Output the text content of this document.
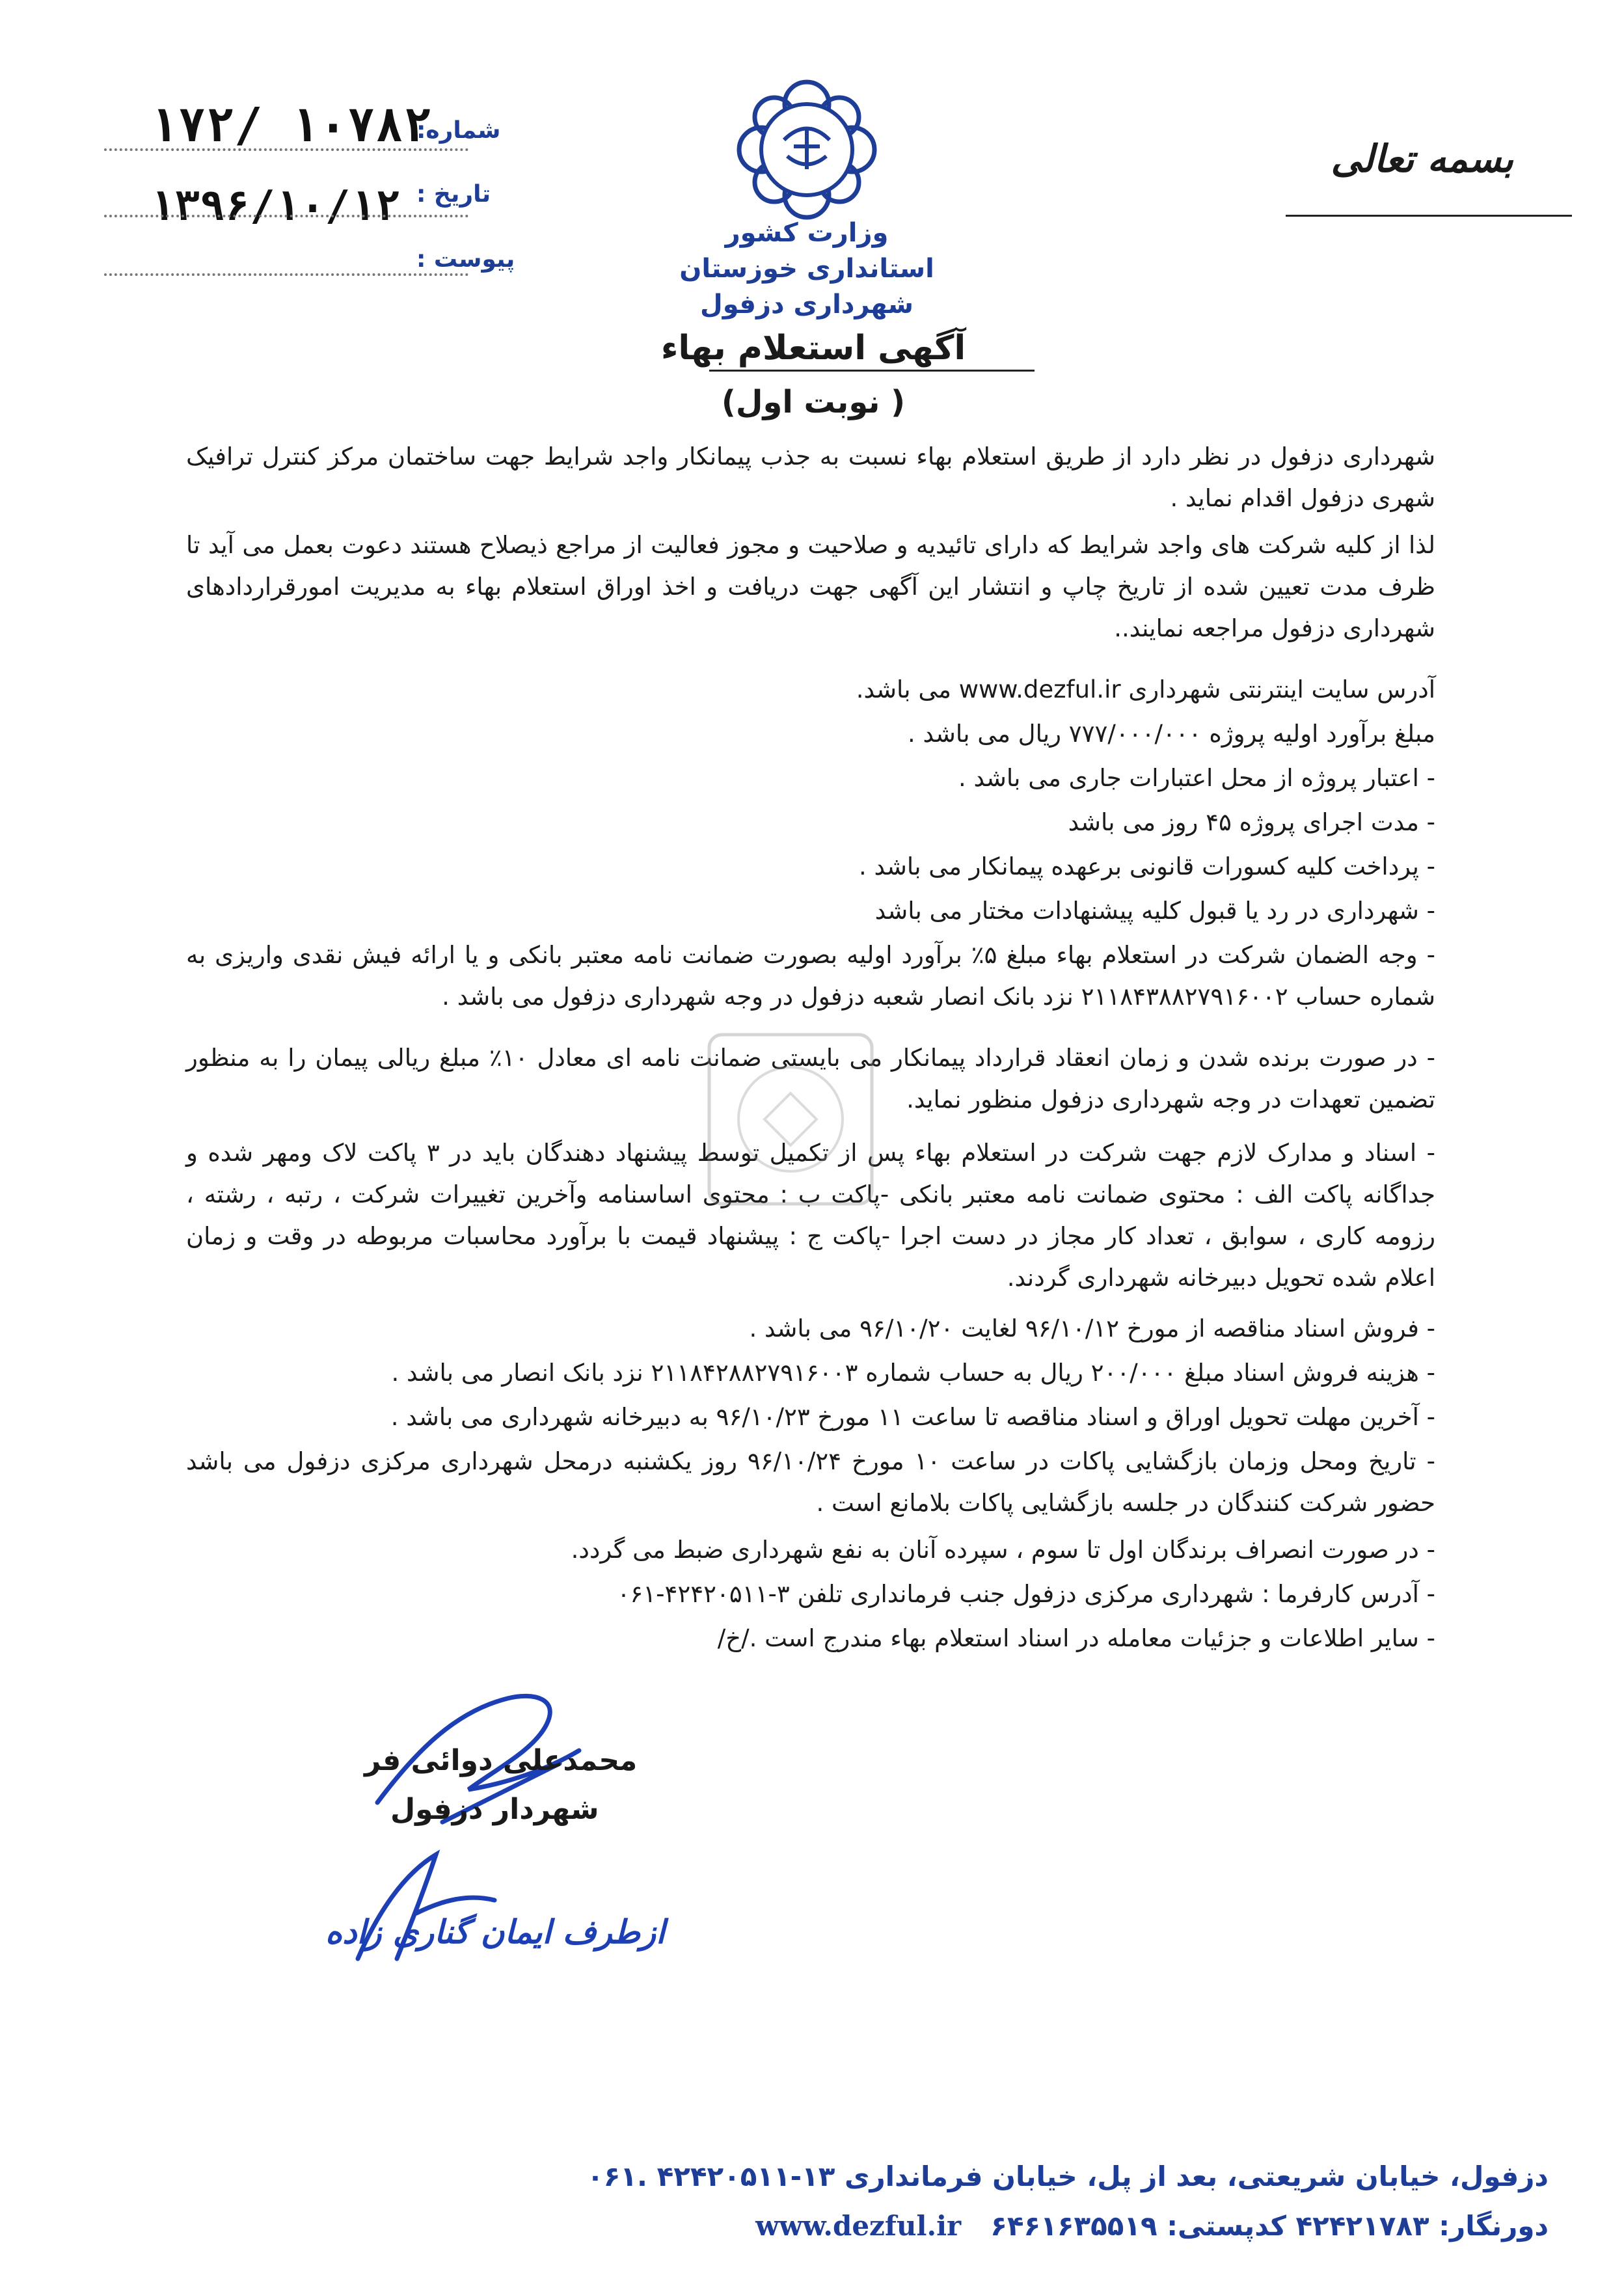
بسمه تعالی
شماره:
۱۰۷۸۲ /۱۷۲
تاریخ :
۱۳۹۶/۱۰/۱۲
پیوست :
وزارت کشور
استانداری خوزستان
شهرداری دزفول
آگهی استعلام بهاء
(نوبت اول )
شهرداری دزفول در نظر دارد از طریق استعلام بهاء نسبت به جذب پیمانکار واجد شرایط جهت ساختمان مرکز کنترل ترافیک شهری دزفول اقدام نماید .
لذا از کلیه شرکت های واجد شرایط که دارای تائیدیه و صلاحیت و مجوز فعالیت از مراجع ذیصلاح هستند دعوت بعمل می آید تا ظرف مدت تعیین شده از تاریخ چاپ و انتشار این آگهی جهت دریافت و اخذ اوراق استعلام بهاء به مدیریت امورقراردادهای شهرداری دزفول مراجعه نمایند..
آدرس سایت اینترنتی شهرداری www.dezful.ir می باشد.
مبلغ برآورد اولیه پروژه ۷۷۷/۰۰۰/۰۰۰ ریال می باشد .
- اعتبار پروژه از محل اعتبارات جاری می باشد .
- مدت اجرای پروژه ۴۵ روز می باشد
- پرداخت کلیه کسورات قانونی برعهده پیمانکار می باشد .
- شهرداری در رد یا قبول کلیه پیشنهادات مختار می باشد
- وجه الضمان شرکت در استعلام بهاء مبلغ ۵٪ برآورد اولیه بصورت ضمانت نامه معتبر بانکی و یا ارائه فیش نقدی واریزی به شماره حساب ۲۱۱۸۴۳۸۸۲۷۹۱۶۰۰۲ نزد بانک انصار شعبه دزفول در وجه شهرداری دزفول می باشد .
- در صورت برنده شدن و زمان انعقاد قرارداد پیمانکار می بایستی ضمانت نامه ای معادل ۱۰٪ مبلغ ریالی پیمان را به منظور تضمین تعهدات در وجه شهرداری دزفول منظور نماید.
- اسناد و مدارک لازم جهت شرکت در استعلام بهاء پس از تکمیل توسط پیشنهاد دهندگان باید در ۳ پاکت لاک ومهر شده و جداگانه پاکت الف : محتوی ضمانت نامه معتبر بانکی -پاکت ب : محتوی اساسنامه وآخرین تغییرات شرکت ، رتبه ، رشته ، رزومه کاری ، سوابق ، تعداد کار مجاز در دست اجرا -پاکت ج : پیشنهاد قیمت با برآورد محاسبات مربوطه در وقت و زمان اعلام شده تحویل دبیرخانه شهرداری گردند.
- فروش اسناد مناقصه از مورخ ۹۶/۱۰/۱۲ لغایت ۹۶/۱۰/۲۰ می باشد .
- هزینه فروش اسناد مبلغ ۲۰۰/۰۰۰ ریال به حساب شماره ۲۱۱۸۴۲۸۸۲۷۹۱۶۰۰۳ نزد بانک انصار می باشد .
- آخرین مهلت تحویل اوراق و اسناد مناقصه تا ساعت ۱۱ مورخ ۹۶/۱۰/۲۳ به دبیرخانه شهرداری می باشد .
- تاریخ ومحل وزمان بازگشایی پاکات در ساعت ۱۰ مورخ ۹۶/۱۰/۲۴ روز یکشنبه درمحل شهرداری مرکزی دزفول می باشد حضور شرکت کنندگان در جلسه بازگشایی پاکات بلامانع است .
- در صورت انصراف برندگان اول تا سوم ، سپرده آنان به نفع شهرداری ضبط می گردد.
- آدرس کارفرما : شهرداری مرکزی دزفول جنب فرمانداری تلفن ۳-۴۲۴۲۰۵۱۱-۰۶۱
- سایر اطلاعات و جزئیات معامله در اسناد استعلام بهاء مندرج است ./خ/
محمدعلی دوائی فر
شهردار دزفول
ازطرف ایمان گناری زاده
دزفول، خیابان شریعتی، بعد از پل، خیابان فرمانداری ۱۳-۴۲۴۲۰۵۱۱ .۰۶۱
دورنگار: ۴۲۴۲۱۷۸۳ کدپستی: ۶۴۶۱۶۳۵۵۱۹ www.dezful.ir
